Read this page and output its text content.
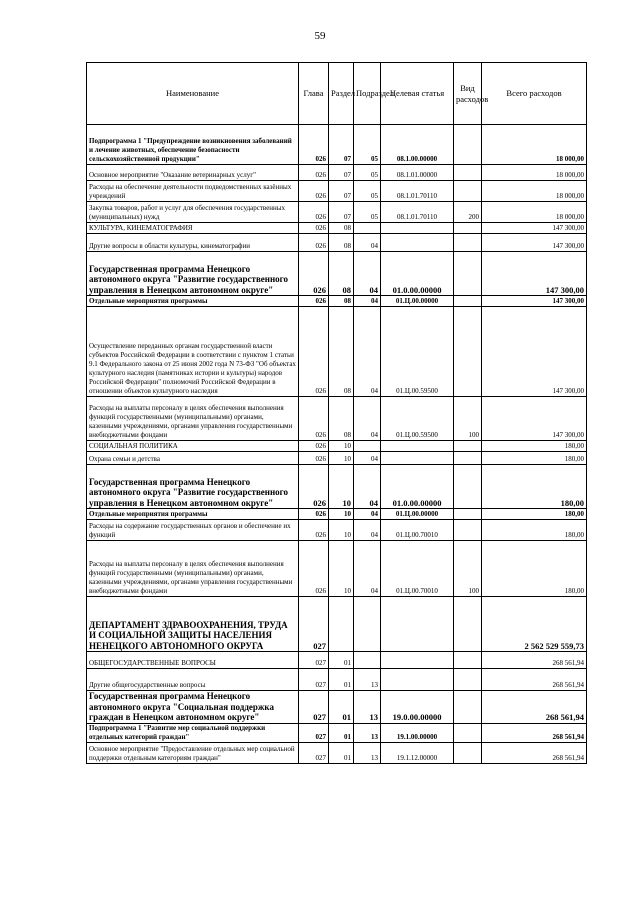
59
Наименование	Глава	Раздел	Подраздел	Целевая статья	Вид расходов	Всего расходов
Подпрограмма 1 "Предупреждение возникновения заболеваний и лечение животных, обеспечение безопасности сельскохозяйственной продукции"	026	07	05	08.1.00.00000		18 000,00
Основное мероприятие "Оказание ветеринарных услуг"	026	07	05	08.1.01.00000		18 000,00
Расходы на обеспечение деятельности подведомственных казённых учреждений	026	07	05	08.1.01.70110		18 000,00
Закупка товаров, работ и услуг для обеспечения государственных (муниципальных) нужд	026	07	05	08.1.01.70110	200	18 000,00
КУЛЬТУРА, КИНЕМАТОГРАФИЯ	026	08				147 300,00
Другие вопросы в области культуры, кинематографии	026	08	04			147 300,00
Государственная программа Ненецкого автономного округа "Развитие государственного управления в Ненецком автономном округе"	026	08	04	01.0.00.00000		147 300,00
Отдельные мероприятия программы	026	08	04	01.Ц.00.00000		147 300,00
Осуществление переданных органам государственной власти субъектов Российской Федерации в соответствии с пунктом 1 статьи 9.1 Федерального закона от 25 июня 2002 года N 73-ФЗ "Об объектах культурного наследия (памятниках истории и культуры) народов Российской Федерации" полномочий Российской Федерации в отношении объектов культурного наследия	026	08	04	01.Ц.00.59500		147 300,00
Расходы на выплаты персоналу в целях обеспечения выполнения функций государственными (муниципальными) органами, казенными учреждениями, органами управления государственными внебюджетными фондами	026	08	04	01.Ц.00.59500	100	147 300,00
СОЦИАЛЬНАЯ ПОЛИТИКА	026	10				180,00
Охрана семьи и детства	026	10	04			180,00
Государственная программа Ненецкого автономного округа "Развитие государственного управления в Ненецком автономном округе"	026	10	04	01.0.00.00000		180,00
Отдельные мероприятия программы	026	10	04	01.Ц.00.00000		180,00
Расходы на содержание государственных органов и обеспечение их функций	026	10	04	01.Ц.00.70010		180,00
Расходы на выплаты персоналу в целях обеспечения выполнения функций государственными (муниципальными) органами, казенными учреждениями, органами управления государственными внебюджетными фондами	026	10	04	01.Ц.00.70010	100	180,00
ДЕПАРТАМЕНТ ЗДРАВООХРАНЕНИЯ, ТРУДА И СОЦИАЛЬНОЙ ЗАЩИТЫ НАСЕЛЕНИЯ НЕНЕЦКОГО АВТОНОМНОГО ОКРУГА	027					2 562 529 559,73
ОБЩЕГОСУДАРСТВЕННЫЕ ВОПРОСЫ	027	01				268 561,94
Другие общегосударственные вопросы	027	01	13			268 561,94
Государственная программа Ненецкого автономного округа "Социальная поддержка граждан в Ненецком автономном округе"	027	01	13	19.0.00.00000		268 561,94
Подпрограмма 1 "Развитие мер социальной поддержки отдельных категорий граждан"	027	01	13	19.1.00.00000		268 561,94
Основное мероприятие "Предоставление отдельных мер социальной поддержки отдельным категориям граждан"	027	01	13	19.1.12.00000		268 561,94
